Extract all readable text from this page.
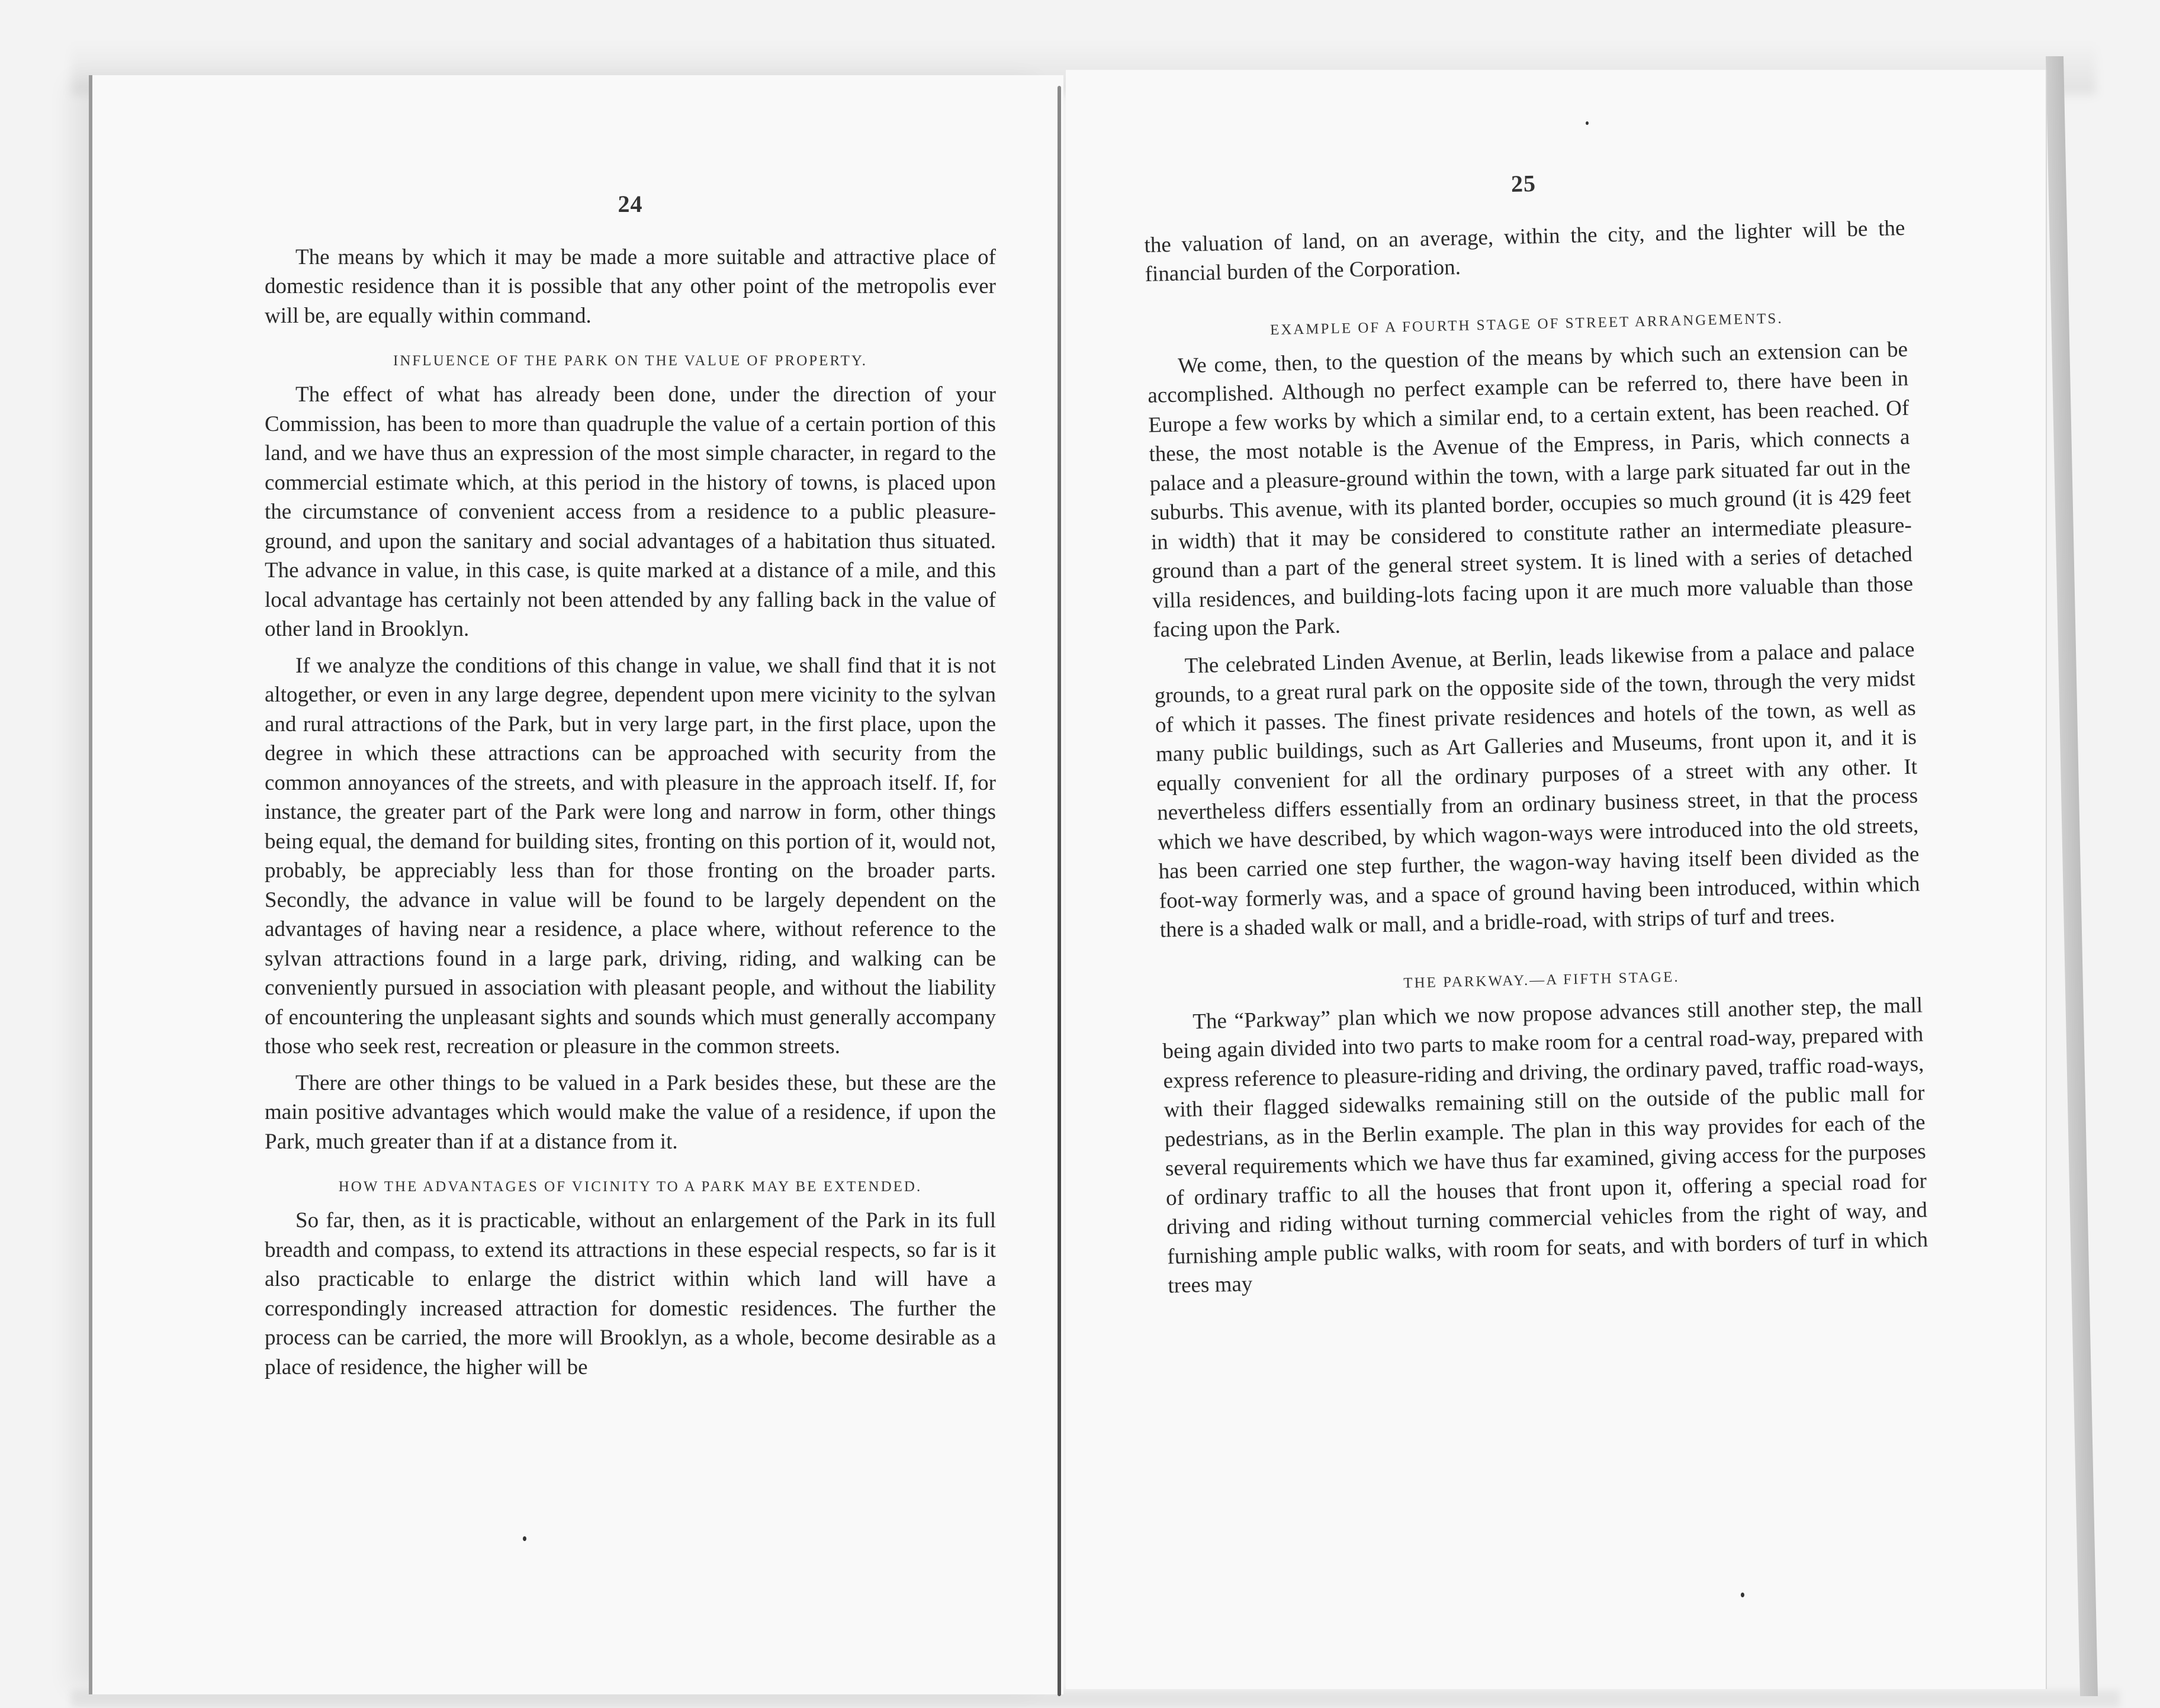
24

The means by which it may be made a more suitable and attractive place of domestic residence than it is possible that any other point of the metropolis ever will be, are equally within command.

INFLUENCE OF THE PARK ON THE VALUE OF PROPERTY.

The effect of what has already been done, under the direction of your Commission, has been to more than quadruple the value of a certain portion of this land, and we have thus an expression of the most simple character, in regard to the commercial estimate which, at this period in the history of towns, is placed upon the circumstance of convenient access from a residence to a public pleasure-ground, and upon the sanitary and social advantages of a habitation thus situated. The advance in value, in this case, is quite marked at a distance of a mile, and this local advantage has certainly not been attended by any falling back in the value of other land in Brooklyn.

If we analyze the conditions of this change in value, we shall find that it is not altogether, or even in any large degree, dependent upon mere vicinity to the sylvan and rural attractions of the Park, but in very large part, in the first place, upon the degree in which these attractions can be approached with security from the common annoyances of the streets, and with pleasure in the approach itself. If, for instance, the greater part of the Park were long and narrow in form, other things being equal, the demand for building sites, fronting on this portion of it, would not, probably, be appreciably less than for those fronting on the broader parts. Secondly, the advance in value will be found to be largely dependent on the advantages of having near a residence, a place where, without reference to the sylvan attractions found in a large park, driving, riding, and walking can be conveniently pursued in association with pleasant people, and without the liability of encountering the unpleasant sights and sounds which must generally accompany those who seek rest, recreation or pleasure in the common streets.

There are other things to be valued in a Park besides these, but these are the main positive advantages which would make the value of a residence, if upon the Park, much greater than if at a distance from it.

HOW THE ADVANTAGES OF VICINITY TO A PARK MAY BE EXTENDED.

So far, then, as it is practicable, without an enlargement of the Park in its full breadth and compass, to extend its attractions in these especial respects, so far is it also practicable to enlarge the district within which land will have a correspondingly increased attraction for domestic residences. The further the process can be carried, the more will Brooklyn, as a whole, become desirable as a place of residence, the higher will be

25

the valuation of land, on an average, within the city, and the lighter will be the financial burden of the Corporation.

EXAMPLE OF A FOURTH STAGE OF STREET ARRANGEMENTS.

We come, then, to the question of the means by which such an extension can be accomplished. Although no perfect example can be referred to, there have been in Europe a few works by which a similar end, to a certain extent, has been reached. Of these, the most notable is the Avenue of the Empress, in Paris, which connects a palace and a pleasure-ground within the town, with a large park situated far out in the suburbs. This avenue, with its planted border, occupies so much ground (it is 429 feet in width) that it may be considered to constitute rather an intermediate pleasure-ground than a part of the general street system. It is lined with a series of detached villa residences, and building-lots facing upon it are much more valuable than those facing upon the Park.

The celebrated Linden Avenue, at Berlin, leads likewise from a palace and palace grounds, to a great rural park on the opposite side of the town, through the very midst of which it passes. The finest private residences and hotels of the town, as well as many public buildings, such as Art Galleries and Museums, front upon it, and it is equally convenient for all the ordinary purposes of a street with any other. It nevertheless differs essentially from an ordinary business street, in that the process which we have described, by which wagon-ways were introduced into the old streets, has been carried one step further, the wagon-way having itself been divided as the foot-way formerly was, and a space of ground having been introduced, within which there is a shaded walk or mall, and a bridle-road, with strips of turf and trees.

THE PARKWAY.—A FIFTH STAGE.

The “Parkway” plan which we now propose advances still another step, the mall being again divided into two parts to make room for a central road-way, prepared with express reference to pleasure-riding and driving, the ordinary paved, traffic road-ways, with their flagged sidewalks remaining still on the outside of the public mall for pedestrians, as in the Berlin example. The plan in this way provides for each of the several requirements which we have thus far examined, giving access for the purposes of ordinary traffic to all the houses that front upon it, offering a special road for driving and riding without turning commercial vehicles from the right of way, and furnishing ample public walks, with room for seats, and with borders of turf in which trees may
